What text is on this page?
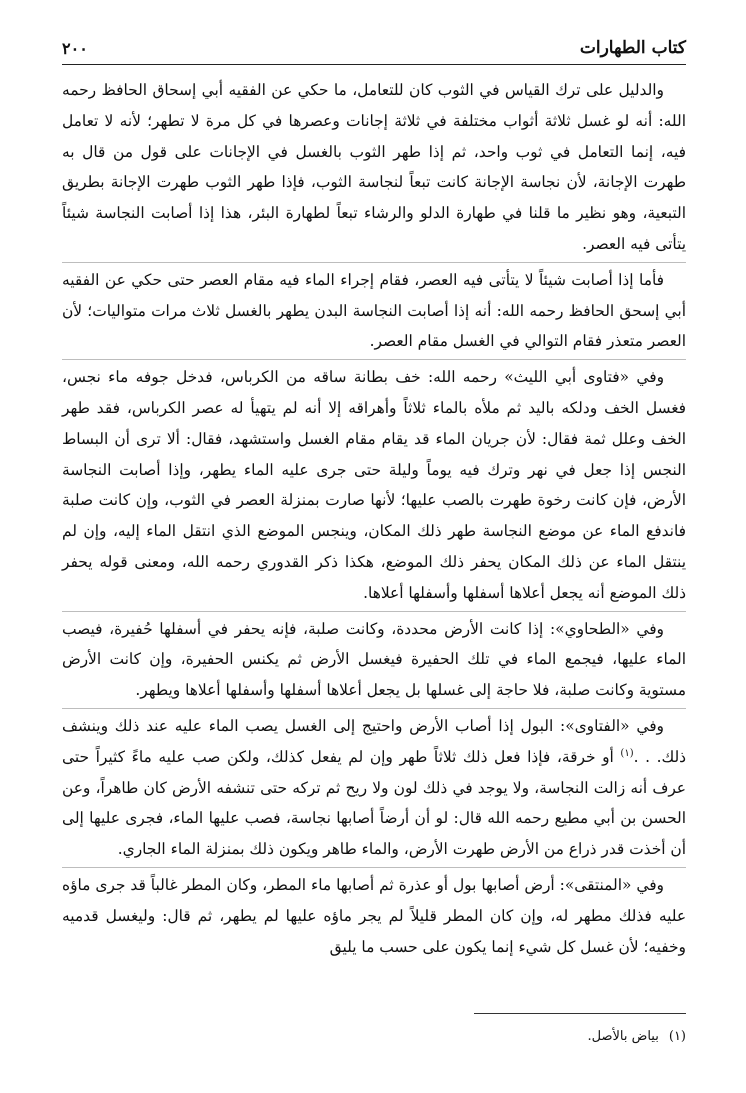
كتاب الطهارات
٢٠٠

والدليل على ترك القياس في الثوب كان للتعامل، ما حكي عن الفقيه أبي إسحاق الحافظ رحمه الله: أنه لو غسل ثلاثة أثواب مختلفة في ثلاثة إجانات وعصرها في كل مرة لا تطهر؛ لأنه لا تعامل فيه، إنما التعامل في ثوب واحد، ثم إذا طهر الثوب بالغسل في الإجانات على قول من قال به طهرت الإجانة، لأن نجاسة الإجانة كانت تبعاً لنجاسة الثوب، فإذا طهر الثوب طهرت الإجانة بطريق التبعية، وهو نظير ما قلنا في طهارة الدلو والرشاء تبعاً لطهارة البئر، هذا إذا أصابت النجاسة شيئاً يتأتى فيه العصر.

فأما إذا أصابت شيئاً لا يتأتى فيه العصر، فقام إجراء الماء فيه مقام العصر حتى حكي عن الفقيه أبي إسحق الحافظ رحمه الله: أنه إذا أصابت النجاسة البدن يطهر بالغسل ثلاث مرات متواليات؛ لأن العصر متعذر فقام التوالي في الغسل مقام العصر.

وفي «فتاوى أبي الليث» رحمه الله: خف بطانة ساقه من الكرباس، فدخل جوفه ماء نجس، فغسل الخف ودلكه باليد ثم ملأه بالماء ثلاثاً وأهراقه إلا أنه لم يتهيأ له عصر الكرباس، فقد طهر الخف وعلل ثمة فقال: لأن جريان الماء قد يقام مقام الغسل واستشهد، فقال: ألا ترى أن البساط النجس إذا جعل في نهر وترك فيه يوماً وليلة حتى جرى عليه الماء يطهر، وإذا أصابت النجاسة الأرض، فإن كانت رخوة طهرت بالصب عليها؛ لأنها صارت بمنزلة العصر في الثوب، وإن كانت صلبة فاندفع الماء عن موضع النجاسة طهر ذلك المكان، وينجس الموضع الذي انتقل الماء إليه، وإن لم ينتقل الماء عن ذلك المكان يحفر ذلك الموضع، هكذا ذكر القدوري رحمه الله، ومعنى قوله يحفر ذلك الموضع أنه يجعل أعلاها أسفلها وأسفلها أعلاها.

وفي «الطحاوي»: إذا كانت الأرض محددة، وكانت صلبة، فإنه يحفر في أسفلها حُفيرة، فيصب الماء عليها، فيجمع الماء في تلك الحفيرة فيغسل الأرض ثم يكنس الحفيرة، وإن كانت الأرض مستوية وكانت صلبة، فلا حاجة إلى غسلها بل يجعل أعلاها أسفلها وأسفلها أعلاها ويطهر.

وفي «الفتاوى»: البول إذا أصاب الأرض واحتيج إلى الغسل يصب الماء عليه عند ذلك وينشف ذلك. . .$^{(١)}$ أو خرقة، فإذا فعل ذلك ثلاثاً طهر وإن لم يفعل كذلك، ولكن صب عليه ماءً كثيراً حتى عرف أنه زالت النجاسة، ولا يوجد في ذلك لون ولا ريح ثم تركه حتى تنشفه الأرض كان طاهراً، وعن الحسن بن أبي مطيع رحمه الله قال: لو أن أرضاً أصابها نجاسة، فصب عليها الماء، فجرى عليها إلى أن أخذت قدر ذراع من الأرض طهرت الأرض، والماء طاهر ويكون ذلك بمنزلة الماء الجاري.

وفي «المنتقى»: أرض أصابها بول أو عذرة ثم أصابها ماء المطر، وكان المطر غالباً قد جرى ماؤه عليه فذلك مطهر له، وإن كان المطر قليلاً لم يجر ماؤه عليها لم يطهر، ثم قال: وليغسل قدميه وخفيه؛ لأن غسل كل شيء إنما يكون على حسب ما يليق

(١)بياض بالأصل.
